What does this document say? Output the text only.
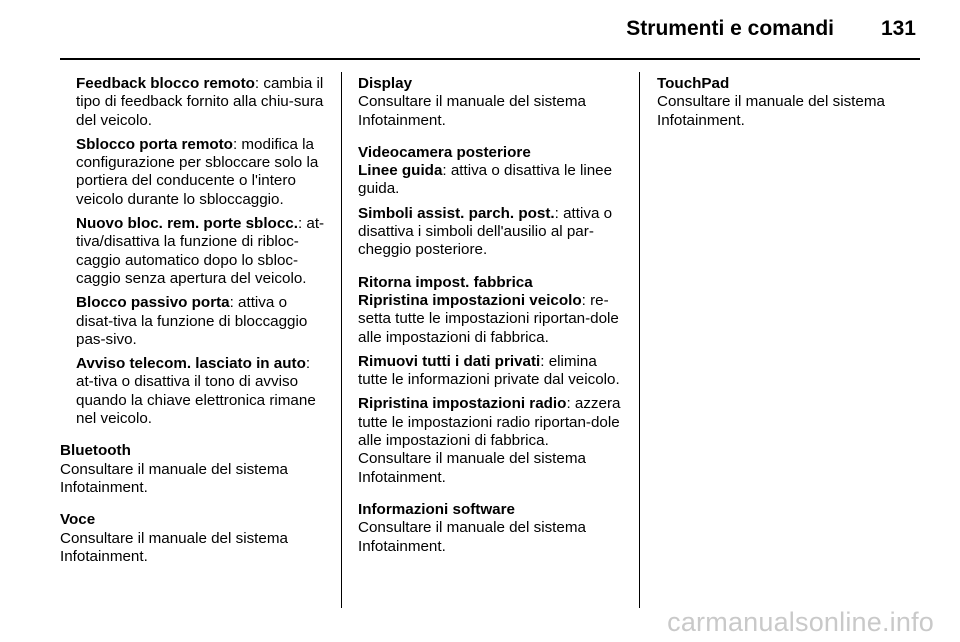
Strumenti e comandi 131

Feedback blocco remoto: cambia il tipo di feedback fornito alla chiu-sura del veicolo.

Sblocco porta remoto: modifica la configurazione per sbloccare solo la portiera del conducente o l'intero veicolo durante lo sbloccaggio.

Nuovo bloc. rem. porte sblocc.: at-tiva/disattiva la funzione di ribloc-caggio automatico dopo lo sbloc-caggio senza apertura del veicolo.

Blocco passivo porta: attiva o disat-tiva la funzione di bloccaggio pas-sivo.

Avviso telecom. lasciato in auto: at-tiva o disattiva il tono di avviso quando la chiave elettronica rimane nel veicolo.

Bluetooth

Consultare il manuale del sistema Infotainment.

Voce

Consultare il manuale del sistema Infotainment.

Display

Consultare il manuale del sistema Infotainment.

Videocamera posteriore

Linee guida: attiva o disattiva le linee guida.

Simboli assist. parch. post.: attiva o disattiva i simboli dell'ausilio al par-cheggio posteriore.

Ritorna impost. fabbrica

Ripristina impostazioni veicolo: re-setta tutte le impostazioni riportan-dole alle impostazioni di fabbrica.

Rimuovi tutti i dati privati: elimina tutte le informazioni private dal veicolo.

Ripristina impostazioni radio: azzera tutte le impostazioni radio riportan-dole alle impostazioni di fabbrica.

Consultare il manuale del sistema Infotainment.

Informazioni software

Consultare il manuale del sistema Infotainment.

TouchPad

Consultare il manuale del sistema Infotainment.

carmanualsonline.info
